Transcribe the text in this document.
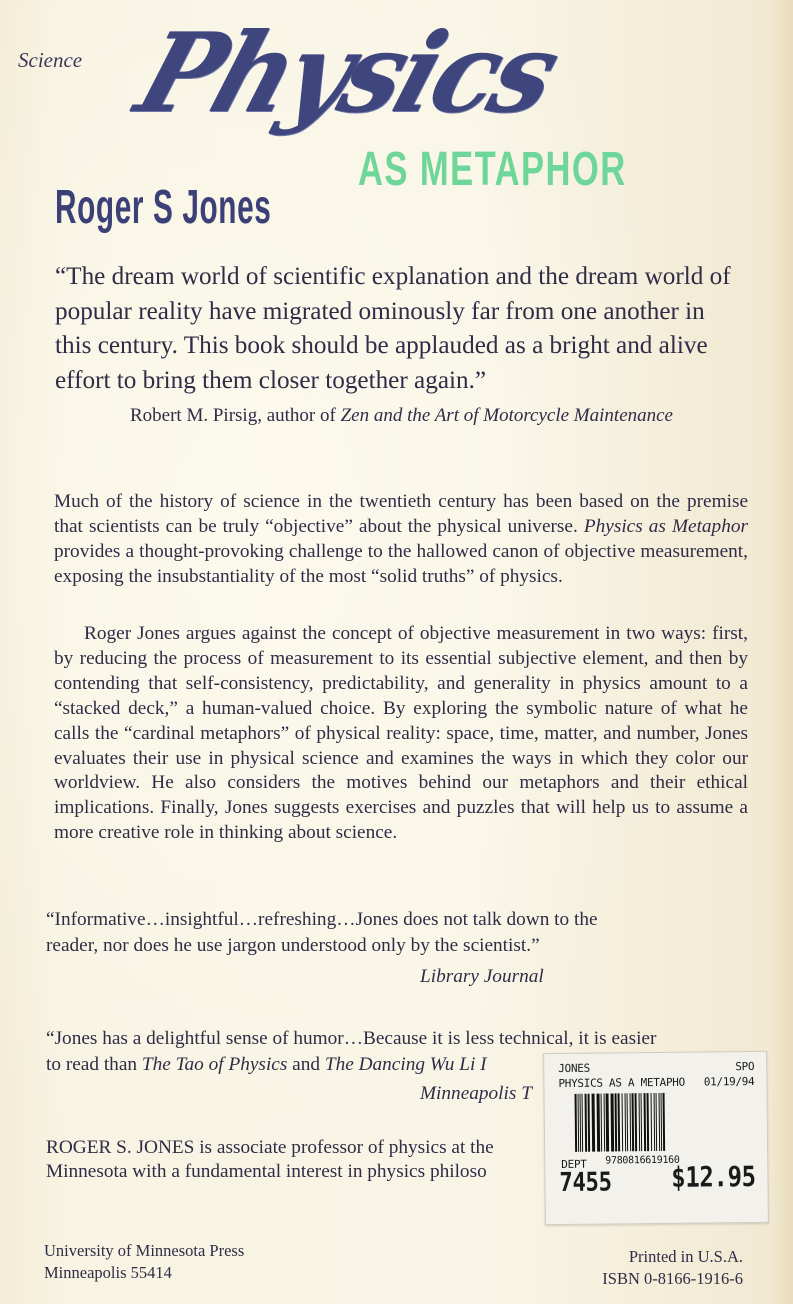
Science Physics
AS METAPHOR
Roger S Jones
“The dream world of scientific explanation and the dream world of popular reality have migrated ominously far from one another in this century. This book should be applauded as a bright and alive effort to bring them closer together again.”
Robert M. Pirsig, author of Zen and the Art of Motorcycle Maintenance

Much of the history of science in the twentieth century has been based on the premise that scientists can be truly “objective” about the physical universe. Physics as Metaphor provides a thought-provoking challenge to the hallowed canon of objective measurement, exposing the insubstantiality of the most “solid truths” of physics.

Roger Jones argues against the concept of objective measurement in two ways: first, by reducing the process of measurement to its essential subjective element, and then by contending that self-consistency, predictability, and generality in physics amount to a “stacked deck,” a human-valued choice. By exploring the symbolic nature of what he calls the “cardinal metaphors” of physical reality: space, time, matter, and number, Jones evaluates their use in physical science and examines the ways in which they color our worldview. He also considers the motives behind our metaphors and their ethical implications. Finally, Jones suggests exercises and puzzles that will help us to assume a more creative role in thinking about science.

“Informative…insightful…refreshing…Jones does not talk down to the
reader, nor does he use jargon understood only by the scientist.”
Library Journal
“Jones has a delightful sense of humor…Because it is less technical, it is easier
to read than The Tao of Physics and The Dancing Wu Li I
Minneapolis T
ROGER S. JONES is associate professor of physics at the
Minnesota with a fundamental interest in physics philoso
JONES	SPO
PHYSICS AS A METAPHO 01/19/94
DEPT 9780816619160
7455 $12.95
University of Minnesota Press
Minneapolis 55414
Printed in U.S.A.
ISBN 0-8166-1916-6
